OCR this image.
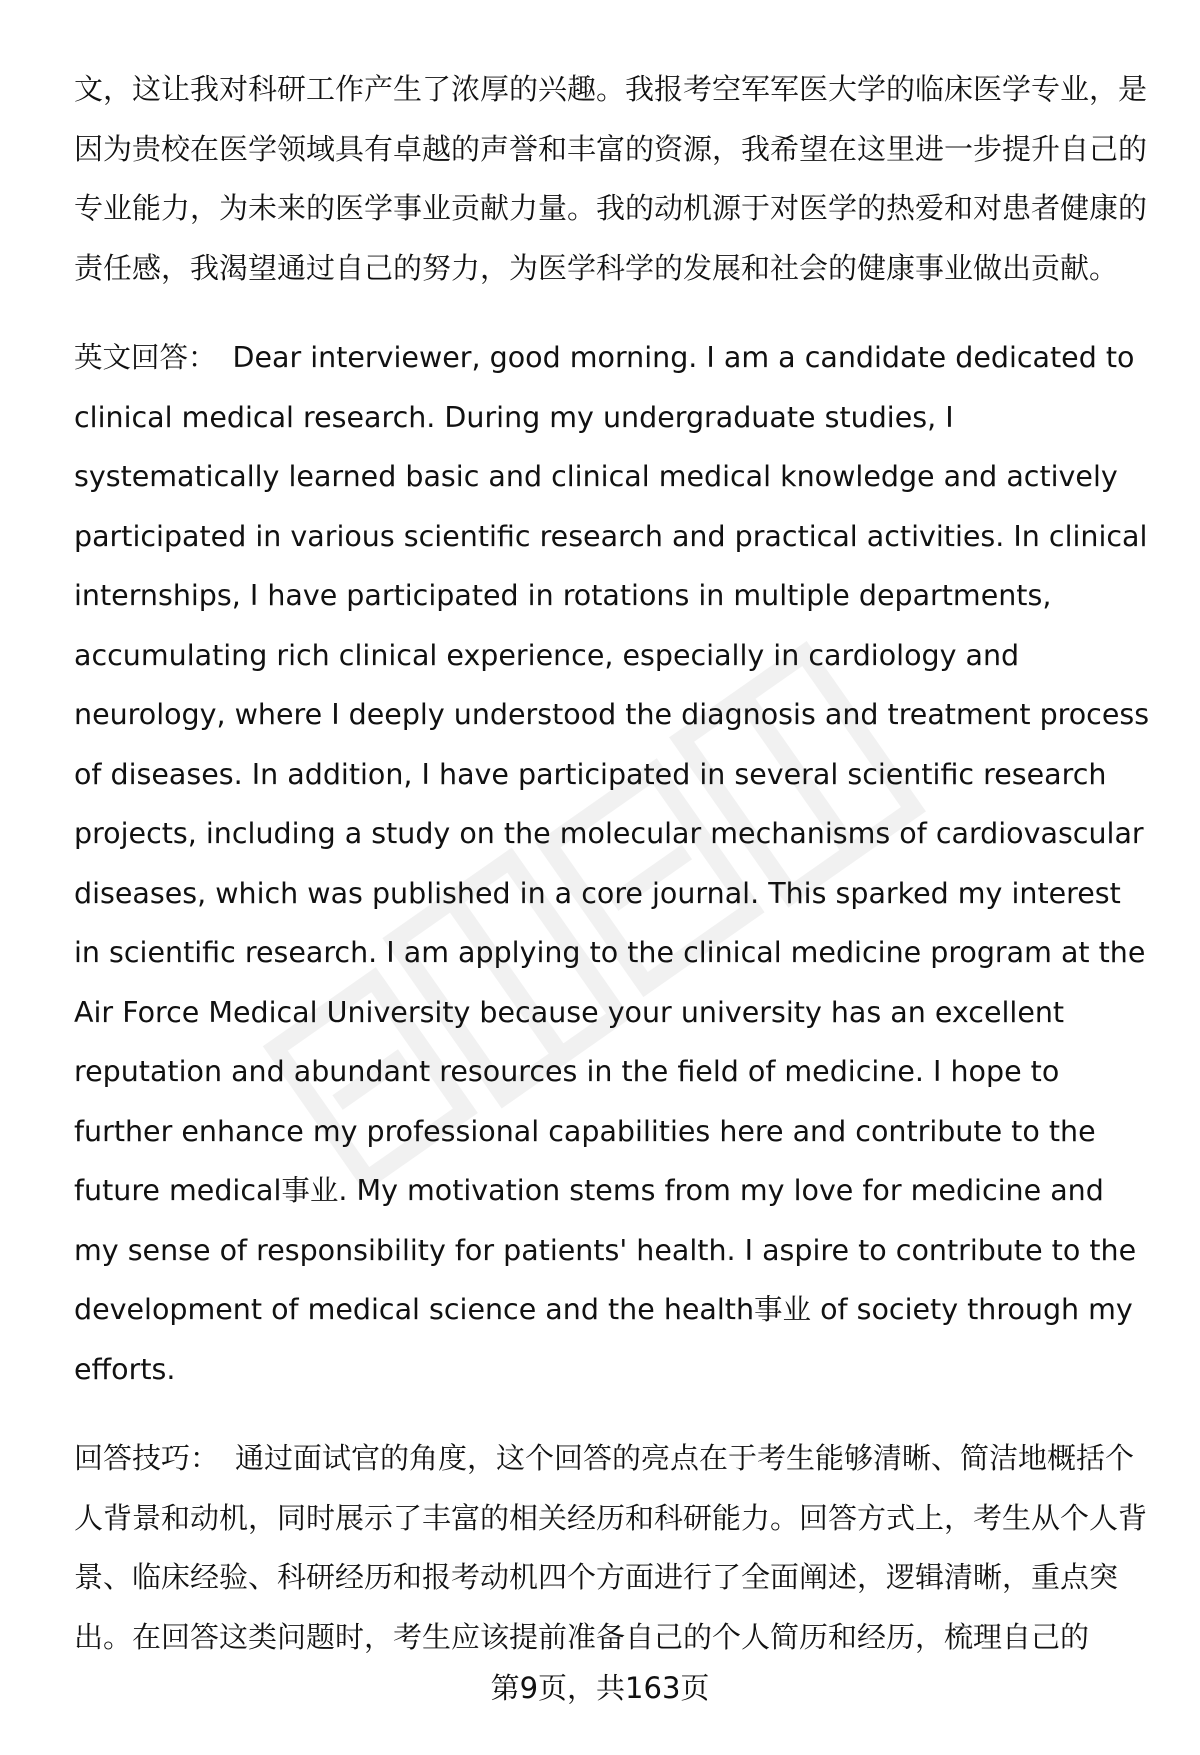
文，这让我对科研工作产生了浓厚的兴趣。我报考空军军医大学的临床医学专业，是因为贵校在医学领域具有卓越的声誉和丰富的资源，我希望在这里进一步提升自己的专业能力，为未来的医学事业贡献力量。我的动机源于对医学的热爱和对患者健康的责任感，我渴望通过自己的努力，为医学科学的发展和社会的健康事业做出贡献。

英文回答： Dear interviewer, good morning. I am a candidate dedicated to clinical medical research. During my undergraduate studies, I systematically learned basic and clinical medical knowledge and actively participated in various scientific research and practical activities. In clinical internships, I have participated in rotations in multiple departments, accumulating rich clinical experience, especially in cardiology and neurology, where I deeply understood the diagnosis and treatment process of diseases. In addition, I have participated in several scientific research projects, including a study on the molecular mechanisms of cardiovascular diseases, which was published in a core journal. This sparked my interest in scientific research. I am applying to the clinical medicine program at the Air Force Medical University because your university has an excellent reputation and abundant resources in the field of medicine. I hope to further enhance my professional capabilities here and contribute to the future medical事业. My motivation stems from my love for medicine and my sense of responsibility for patients' health. I aspire to contribute to the development of medical science and the health事业 of society through my efforts.

回答技巧： 通过面试官的角度，这个回答的亮点在于考生能够清晰、简洁地概括个人背景和动机，同时展示了丰富的相关经历和科研能力。回答方式上，考生从个人背景、临床经验、科研经历和报考动机四个方面进行了全面阐述，逻辑清晰，重点突出。在回答这类问题时，考生应该提前准备自己的个人简历和经历，梳理自己的

第9页，共163页
